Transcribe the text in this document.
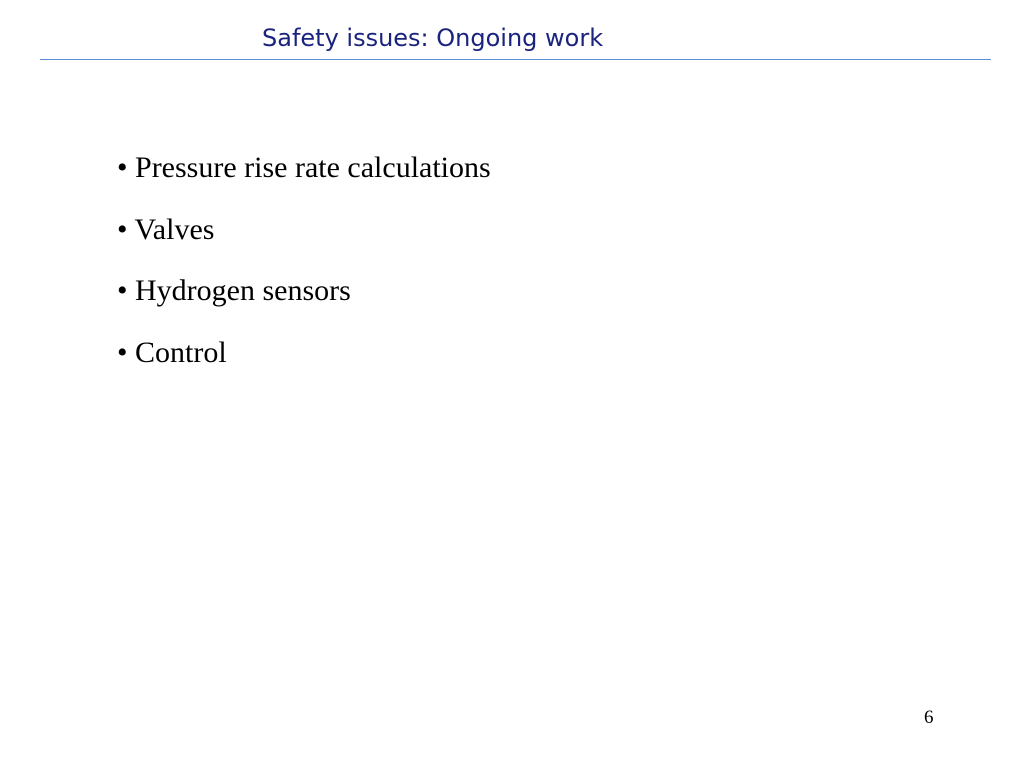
Safety issues: Ongoing work
• Pressure rise rate calculations
• Valves
• Hydrogen sensors
• Control
6
